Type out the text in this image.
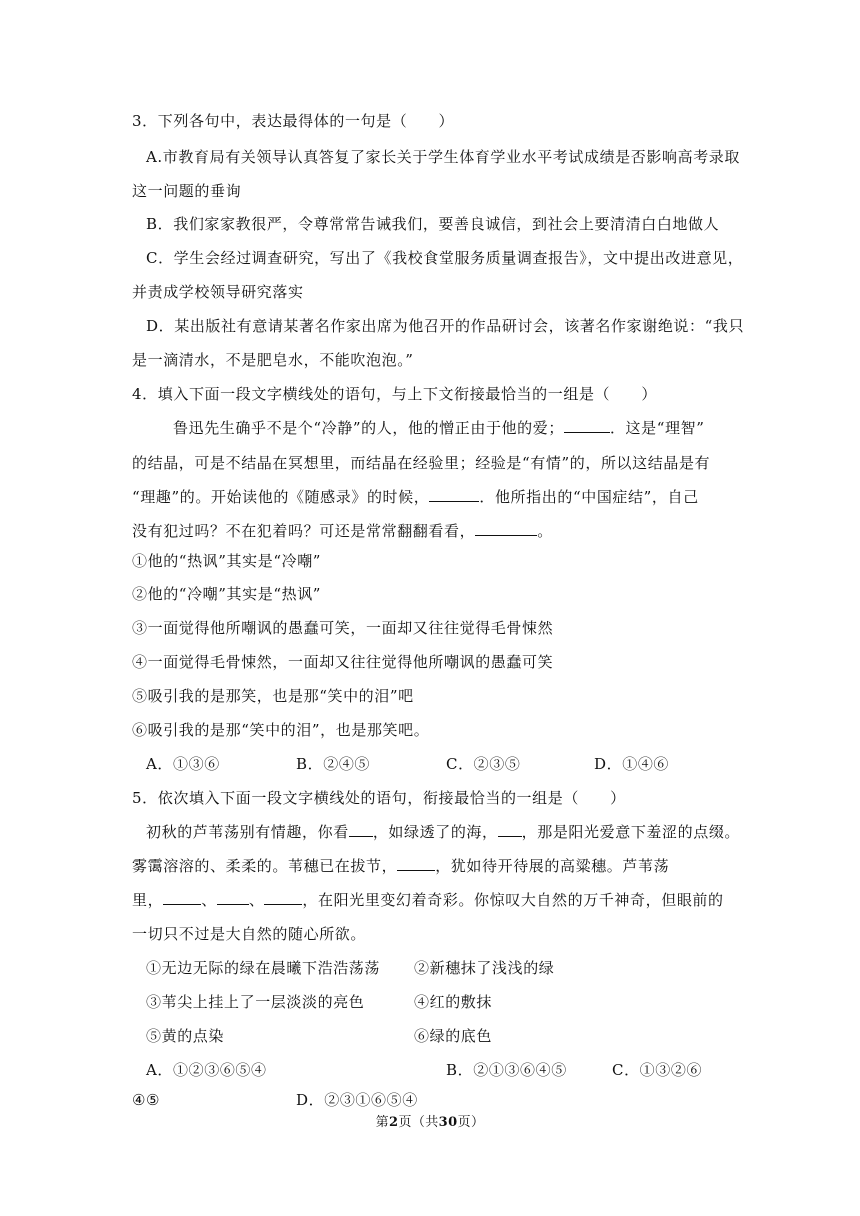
3．下列各句中，表达最得体的一句是（　　）
A.市教育局有关领导认真答复了家长关于学生体育学业水平考试成绩是否影响高考录取
这一问题的垂询
B．我们家家教很严，令尊常常告诫我们，要善良诚信，到社会上要清清白白地做人
C．学生会经过调查研究，写出了《我校食堂服务质量调查报告》，文中提出改进意见，
并责成学校领导研究落实
D．某出版社有意请某著名作家出席为他召开的作品研讨会，该著名作家谢绝说：“我只
是一滴清水，不是肥皂水，不能吹泡泡。”
4．填入下面一段文字横线处的语句，与上下文衔接最恰当的一组是（　　）
鲁迅先生确乎不是个“冷静”的人，他的憎正由于他的爱；	．这是“理智”
的结晶，可是不结晶在冥想里，而结晶在经验里；经验是“有情”的，所以这结晶是有
“理趣”的。开始读他的《随感录》的时候，	．他所指出的“中国症结”，自己
没有犯过吗？不在犯着吗？可还是常常翻翻看看，	。
①他的“热讽”其实是“冷嘲”
②他的“冷嘲”其实是“热讽”
③一面觉得他所嘲讽的愚蠢可笑，一面却又往往觉得毛骨悚然
④一面觉得毛骨悚然，一面却又往往觉得他所嘲讽的愚蠢可笑
⑤吸引我的是那笑，也是那“笑中的泪”吧
⑥吸引我的是那“笑中的泪”，也是那笑吧。
A．①③⑥	B．②④⑤	C．②③⑤	D．①④⑥
5．依次填入下面一段文字横线处的语句，衔接最恰当的一组是（　　）
初秋的芦苇荡别有情趣，你看 ，如绿透了的海， ，那是阳光爱意下羞涩的点缀。
雾霭溶溶的、柔柔的。苇穗已在拔节，	，犹如待开待展的高粱穗。芦苇荡
里，	、 、	，在阳光里变幻着奇彩。你惊叹大自然的万千神奇，但眼前的
一切只不过是大自然的随心所欲。
①无边无际的绿在晨曦下浩浩荡荡 ②新穗抹了浅浅的绿
③苇尖上挂上了一层淡淡的亮色	④红的敷抹
⑤黄的点染	⑥绿的底色
A．①②③⑥⑤④	B．②①③⑥④⑤	C．①③②⑥
④⑤	D．②③①⑥⑤④
第2页（共30页）
